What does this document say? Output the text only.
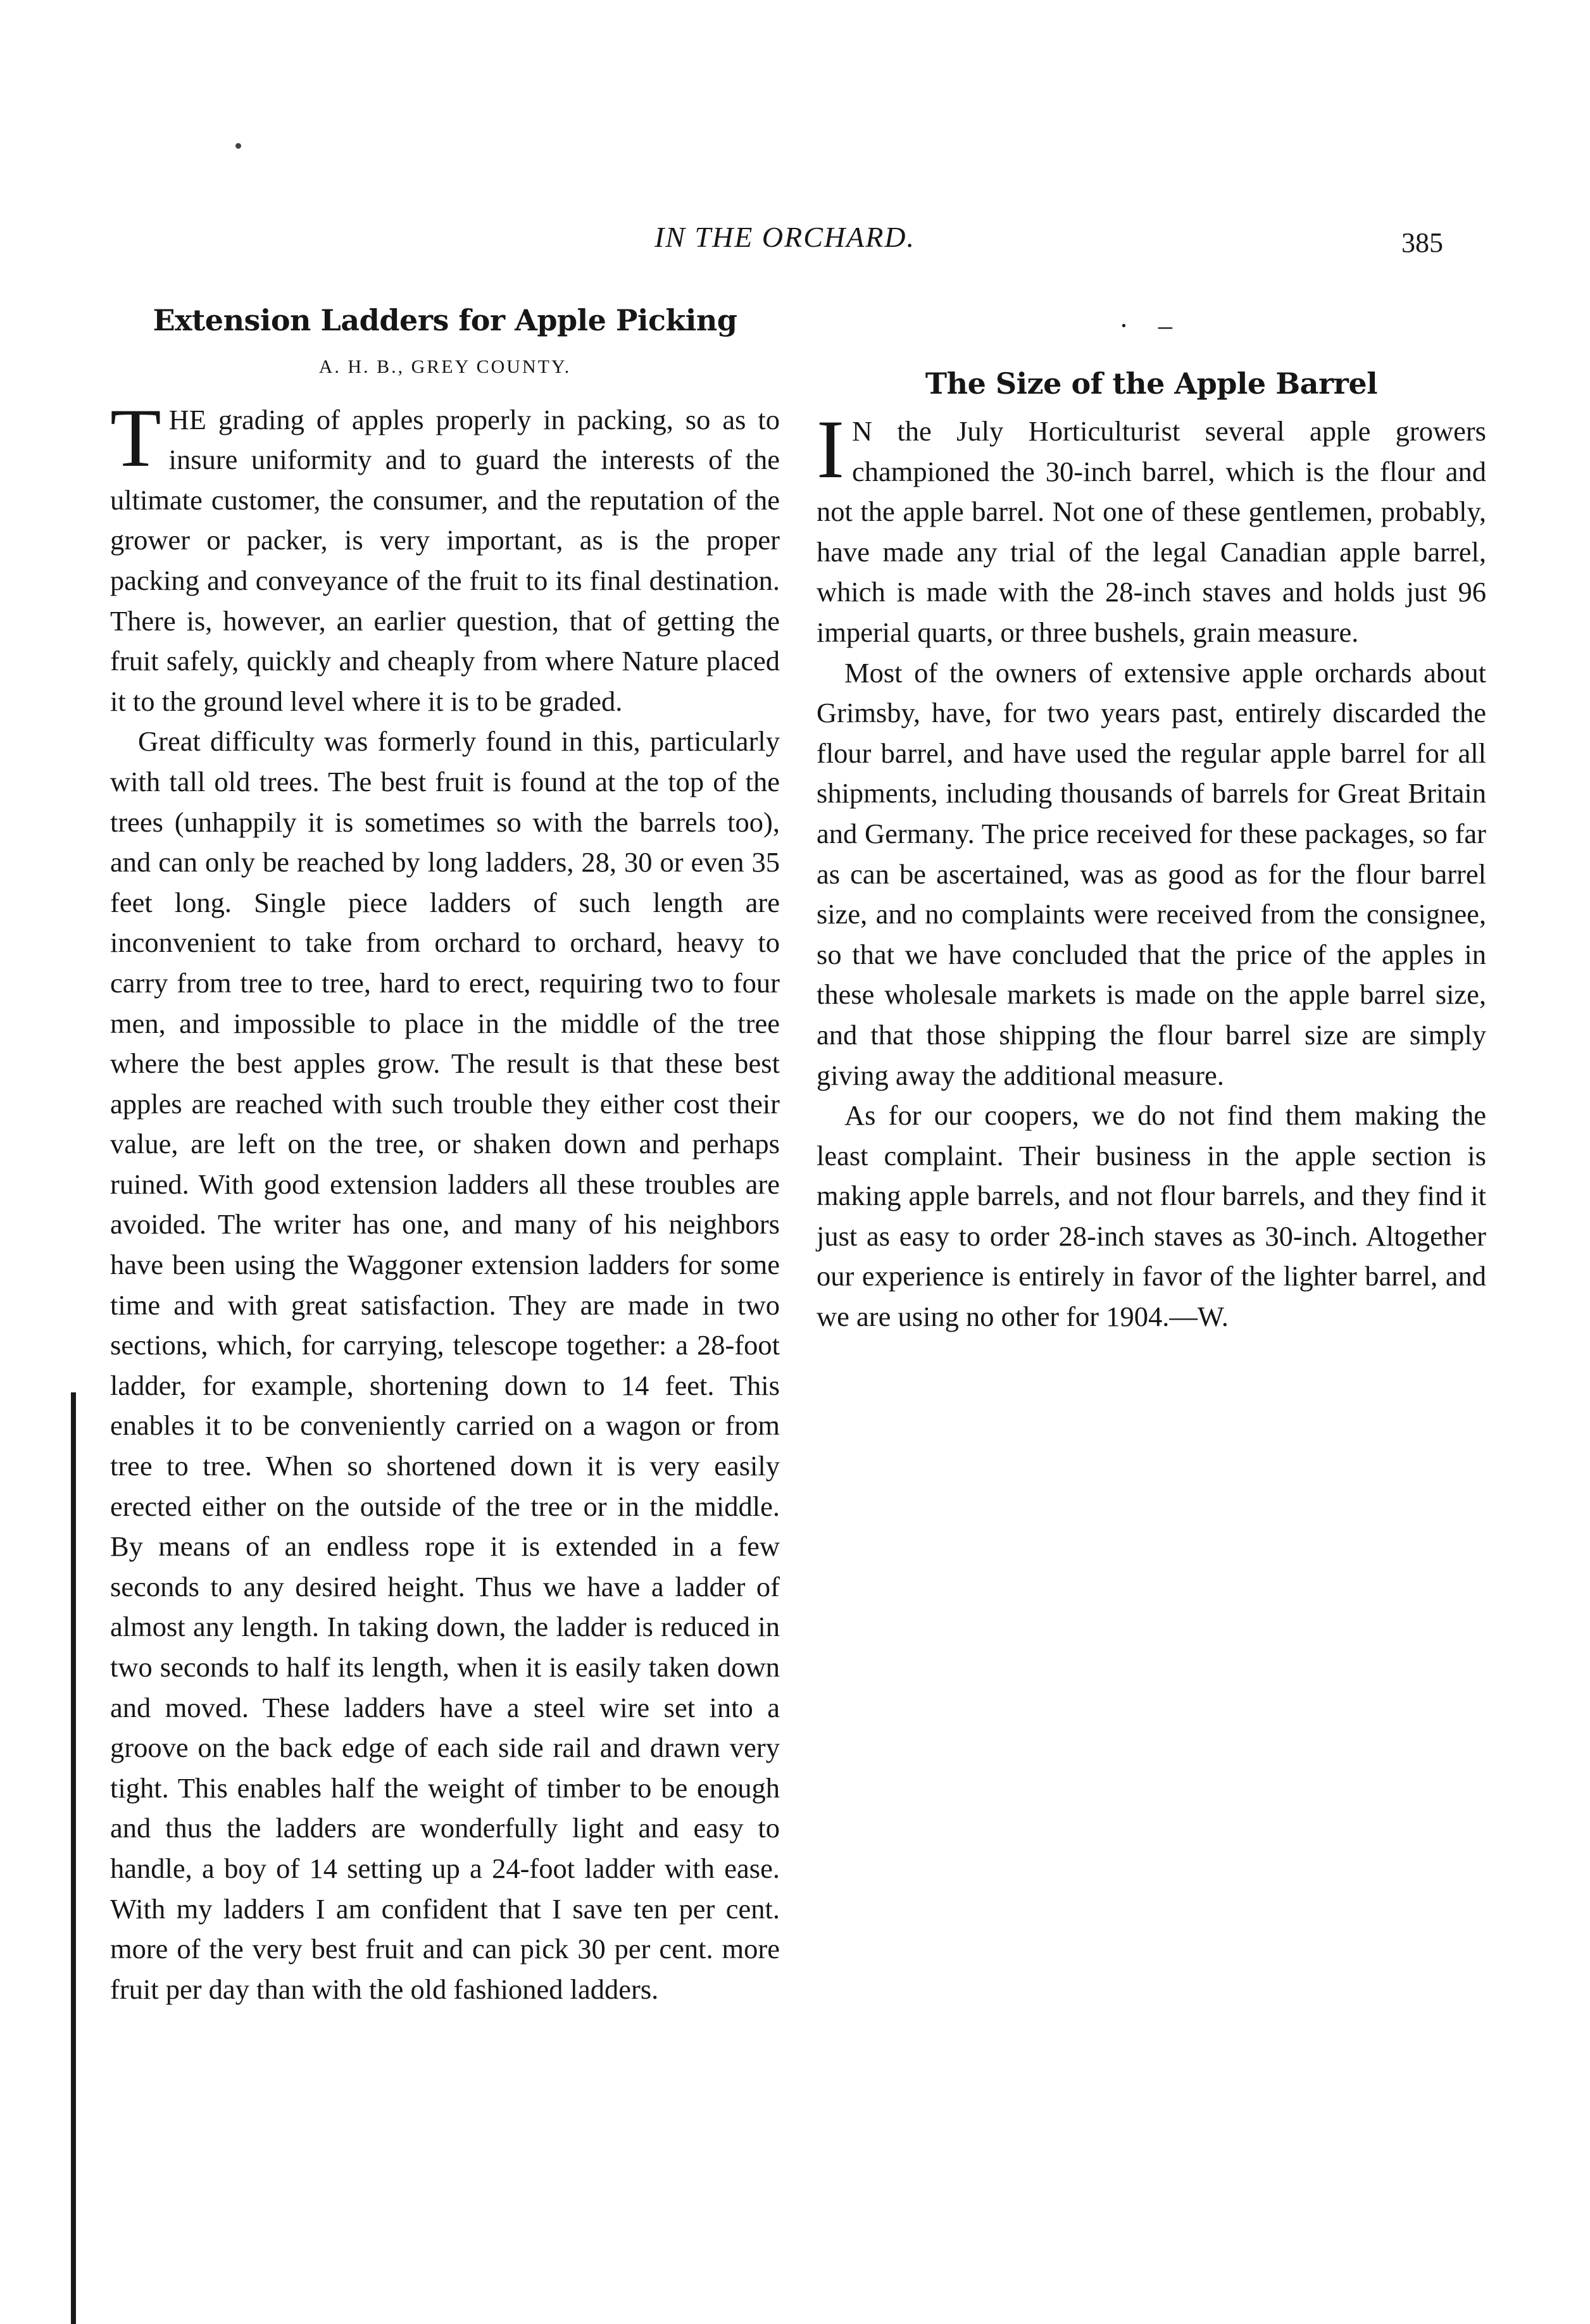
IN THE ORCHARD.	385
Extension Ladders for Apple Picking
A. H. B., GREY COUNTY.

THE grading of apples properly in packing, so as to insure uniformity and to guard the interests of the ultimate customer, the consumer, and the reputation of the grower or packer, is very important, as is the proper packing and conveyance of the fruit to its final destination. There is, however, an earlier question, that of getting the fruit safely, quickly and cheaply from where Nature placed it to the ground level where it is to be graded.

Great difficulty was formerly found in this, particularly with tall old trees. The best fruit is found at the top of the trees (unhappily it is sometimes so with the barrels too), and can only be reached by long ladders, 28, 30 or even 35 feet long. Single piece ladders of such length are inconvenient to take from orchard to orchard, heavy to carry from tree to tree, hard to erect, requiring two to four men, and impossible to place in the middle of the tree where the best apples grow. The result is that these best apples are reached with such trouble they either cost their value, are left on the tree, or shaken down and perhaps ruined. With good extension ladders all these troubles are avoided. The writer has one, and many of his neighbors have been using the Waggoner extension ladders for some time and with great satisfaction. They are made in two sections, which, for carrying, telescope together: a 28-foot ladder, for example, shortening down to 14 feet. This enables it to be conveniently carried on a wagon or from tree to tree. When so shortened down it is very easily erected either on the outside of the tree or in the middle. By means of an endless rope it is extended in a few seconds to any desired height. Thus we have a ladder of almost any length. In taking down, the ladder is reduced in two seconds to half its length, when it is easily taken down and moved. These ladders have a steel wire set into a groove on the back edge of each side rail and drawn very tight. This enables half the weight of timber to be enough and thus the ladders are wonderfully light and easy to handle, a boy of 14 setting up a 24-foot ladder with ease. With my ladders I am confident that I save ten per cent. more of the very best fruit and can pick 30 per cent. more fruit per day than with the old fashioned ladders.

· –
The Size of the Apple Barrel

I N the July Horticulturist several apple growers championed the 30-inch barrel, which is the flour and not the apple barrel. Not one of these gentlemen, probably, have made any trial of the legal Canadian apple barrel, which is made with the 28-inch staves and holds just 96 imperial quarts, or three bushels, grain measure.

Most of the owners of extensive apple orchards about Grimsby, have, for two years past, entirely discarded the flour barrel, and have used the regular apple barrel for all shipments, including thousands of barrels for Great Britain and Germany. The price received for these packages, so far as can be ascertained, was as good as for the flour barrel size, and no complaints were received from the consignee, so that we have concluded that the price of the apples in these wholesale markets is made on the apple barrel size, and that those shipping the flour barrel size are simply giving away the additional measure.

As for our coopers, we do not find them making the least complaint. Their business in the apple section is making apple barrels, and not flour barrels, and they find it just as easy to order 28-inch staves as 30-inch. Altogether our experience is entirely in favor of the lighter barrel, and we are using no other for 1904.—W.
